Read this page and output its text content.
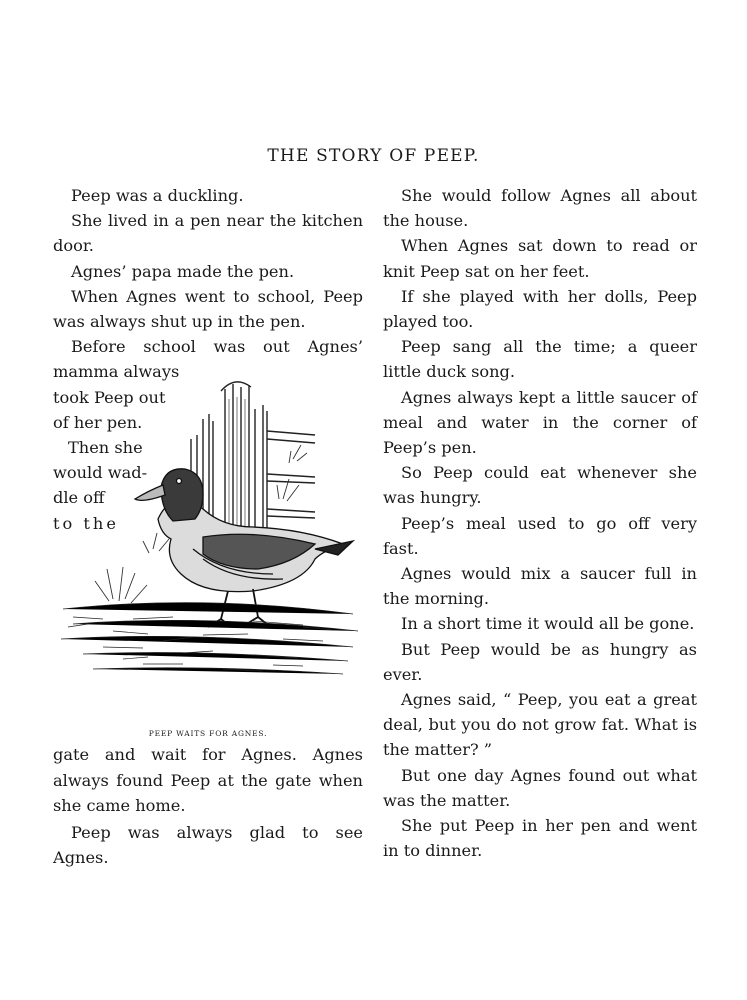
THE STORY OF PEEP.

Peep was a duckling.

She lived in a pen near the kitchen door.

Agnes’ papa made the pen.

When Agnes went to school, Peep was always shut up in the pen.

Before school was out Agnes’

PEEP WAITS FOR AGNES.

mamma always

took Peep out

of her pen.

Then she

would wad-

dle off

to the

gate and wait for Agnes. Agnes always found Peep at the gate when she came home.

Peep was always glad to see Agnes.

She would follow Agnes all about the house.

When Agnes sat down to read or knit Peep sat on her feet.

If she played with her dolls, Peep played too.

Peep sang all the time; a queer little duck song.

Agnes always kept a little saucer of meal and water in the corner of Peep’s pen.

So Peep could eat whenever she was hungry.

Peep’s meal used to go off very fast.

Agnes would mix a saucer full in the morning.

In a short time it would all be gone.

But Peep would be as hungry as ever.

Agnes said, “ Peep, you eat a great deal, but you do not grow fat. What is the matter? ”

But one day Agnes found out what was the matter.

She put Peep in her pen and went in to dinner.
